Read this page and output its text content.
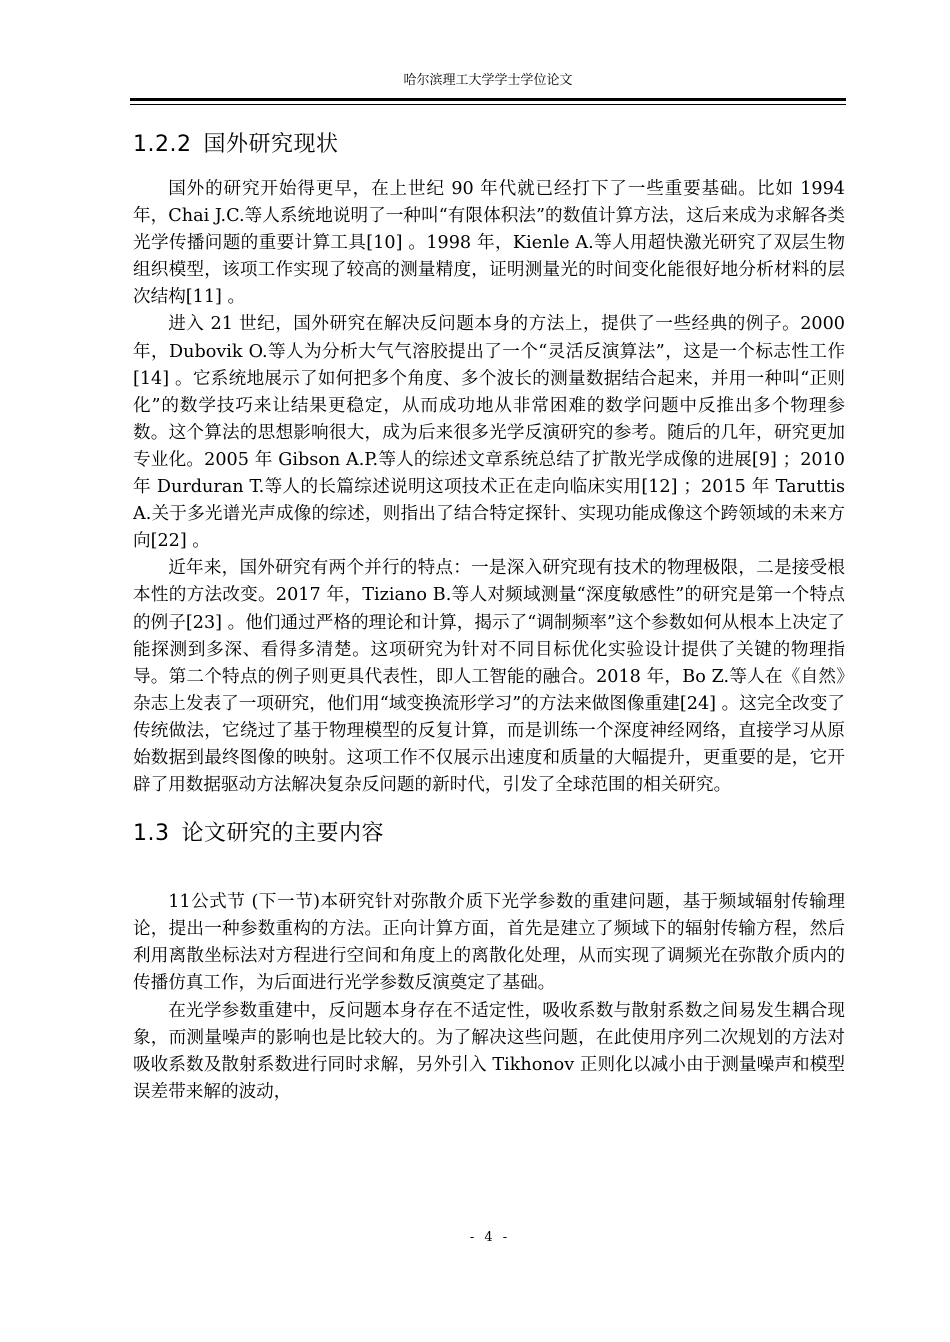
哈尔滨理工大学学士学位论文
1.2.2 国外研究现状

国外的研究开始得更早，在上世纪 90 年代就已经打下了一些重要基础。比如 1994 年，Chai J.C.等人系统地说明了一种叫“有限体积法”的数值计算方法，这后来成为求解各类光学传播问题的重要计算工具[10] 。1998 年，Kienle A.等人用超快激光研究了双层生物组织模型，该项工作实现了较高的测量精度，证明测量光的时间变化能很好地分析材料的层次结构[11] 。

进入 21 世纪，国外研究在解决反问题本身的方法上，提供了一些经典的例子。2000 年，Dubovik O.等人为分析大气气溶胶提出了一个“灵活反演算法”，这是一个标志性工作[14] 。它系统地展示了如何把多个角度、多个波长的测量数据结合起来，并用一种叫“正则化”的数学技巧来让结果更稳定，从而成功地从非常困难的数学问题中反推出多个物理参数。这个算法的思想影响很大，成为后来很多光学反演研究的参考。随后的几年，研究更加专业化。2005 年 Gibson A.P.等人的综述文章系统总结了扩散光学成像的进展[9] ；2010 年 Durduran T.等人的长篇综述说明这项技术正在走向临床实用[12] ；2015 年 Taruttis A.关于多光谱光声成像的综述，则指出了结合特定探针、实现功能成像这个跨领域的未来方向[22] 。

近年来，国外研究有两个并行的特点：一是深入研究现有技术的物理极限，二是接受根本性的方法改变。2017 年，Tiziano B.等人对频域测量“深度敏感性”的研究是第一个特点的例子[23] 。他们通过严格的理论和计算，揭示了“调制频率”这个参数如何从根本上决定了能探测到多深、看得多清楚。这项研究为针对不同目标优化实验设计提供了关键的物理指导。第二个特点的例子则更具代表性，即人工智能的融合。2018 年，Bo Z.等人在《自然》杂志上发表了一项研究，他们用“域变换流形学习”的方法来做图像重建[24] 。这完全改变了传统做法，它绕过了基于物理模型的反复计算，而是训练一个深度神经网络，直接学习从原始数据到最终图像的映射。这项工作不仅展示出速度和质量的大幅提升，更重要的是，它开辟了用数据驱动方法解决复杂反问题的新时代，引发了全球范围的相关研究。

1.3 论文研究的主要内容

11公式节 (下一节)本研究针对弥散介质下光学参数的重建问题，基于频域辐射传输理论，提出一种参数重构的方法。正向计算方面，首先是建立了频域下的辐射传输方程，然后利用离散坐标法对方程进行空间和角度上的离散化处理，从而实现了调频光在弥散介质内的传播仿真工作，为后面进行光学参数反演奠定了基础。

在光学参数重建中，反问题本身存在不适定性，吸收系数与散射系数之间易发生耦合现象，而测量噪声的影响也是比较大的。为了解决这些问题，在此使用序列二次规划的方法对吸收系数及散射系数进行同时求解，另外引入 Tikhonov 正则化以减小由于测量噪声和模型误差带来解的波动，

- 4 -
